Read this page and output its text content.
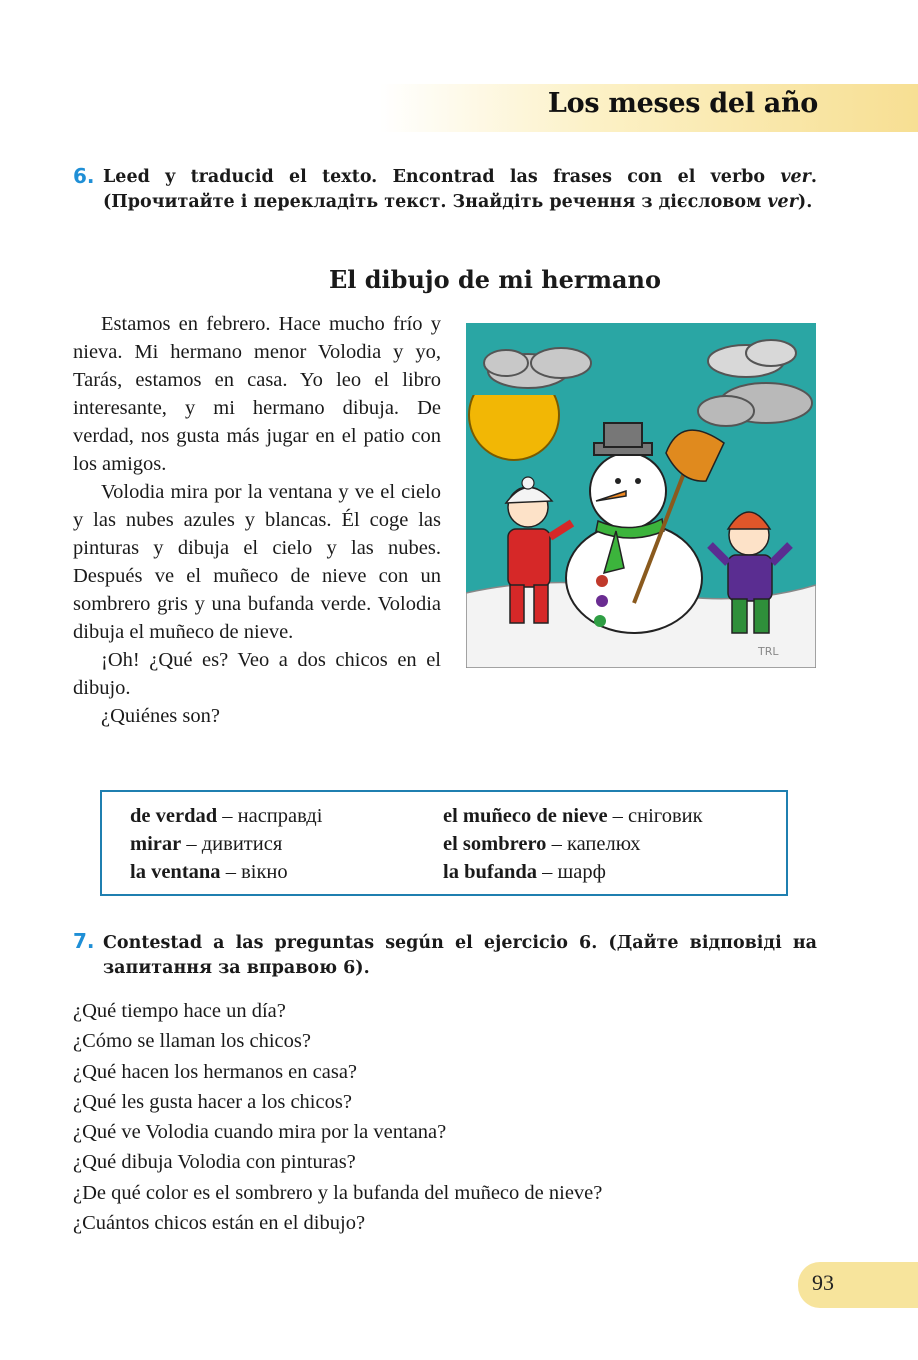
Los meses del año
6. Leed y traducid el texto. Encontrad las frases con el verbo ver. (Прочитайте і перекладіть текст. Знайдіть речення з дієсловом ver).
El dibujo de mi hermano

Estamos en febrero. Hace mucho frío y nieva. Mi hermano menor Volodia y yo, Tarás, estamos en casa. Yo leo el libro interesante, y mi hermano dibuja. De verdad, nos gusta más jugar en el patio con los amigos.

Volodia mira por la ventana y ve el cielo y las nubes azules y blancas. Él coge las pinturas y dibuja el cielo y las nubes. Después ve el muñeco de nieve con un sombrero gris y una bufanda verde. Volodia dibuja el muñeco de nieve.

¡Oh! ¿Qué es? Veo a dos chicos en el dibujo.

¿Quiénes son?

TRL
de verdad – насправді
mirar – дивитися
la ventana – вікно
el muñeco de nieve – сніговик
el sombrero – капелюх
la bufanda – шарф
7. Contestad a las preguntas según el ejercicio 6. (Дайте відповіді на запитання за вправою 6).
¿Qué tiempo hace un día?
¿Cómo se llaman los chicos?
¿Qué hacen los hermanos en casa?
¿Qué les gusta hacer a los chicos?
¿Qué ve Volodia cuando mira por la ventana?
¿Qué dibuja Volodia con pinturas?
¿De qué color es el sombrero y la bufanda del muñeco de nieve?
¿Cuántos chicos están en el dibujo?
93
